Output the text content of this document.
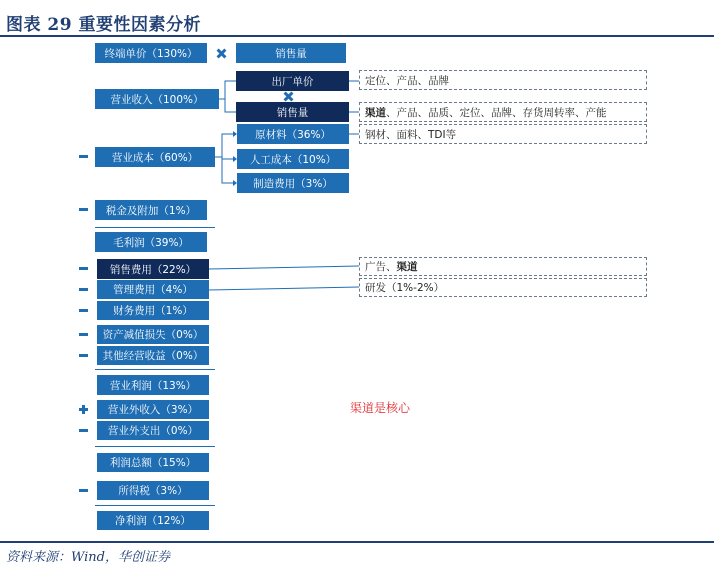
图表 29 重要性因素分析
终端单价（130%）	销售量
营业收入（100%）
出厂单价
销售量
定位、产品、品牌
渠道 、产品、品质、定位、品牌、存货周转率、产能
钢材、面料、TDI等
营业成本（60%）
原材料（36%）
人工成本（10%）
制造费用（3%）
税金及附加（1%）
毛利润（39%）
销售费用（22%）
管理费用（4%）
财务费用（1%）
资产减值损失（0%）
其他经营收益（0%）
广告、 渠道
研发（1%-2%）
营业利润（13%）
营业外收入（3%）
营业外支出（0%）
渠道是核心
利润总额（15%）
所得税（3%）
净利润（12%）
资料来源：Wind，华创证券
